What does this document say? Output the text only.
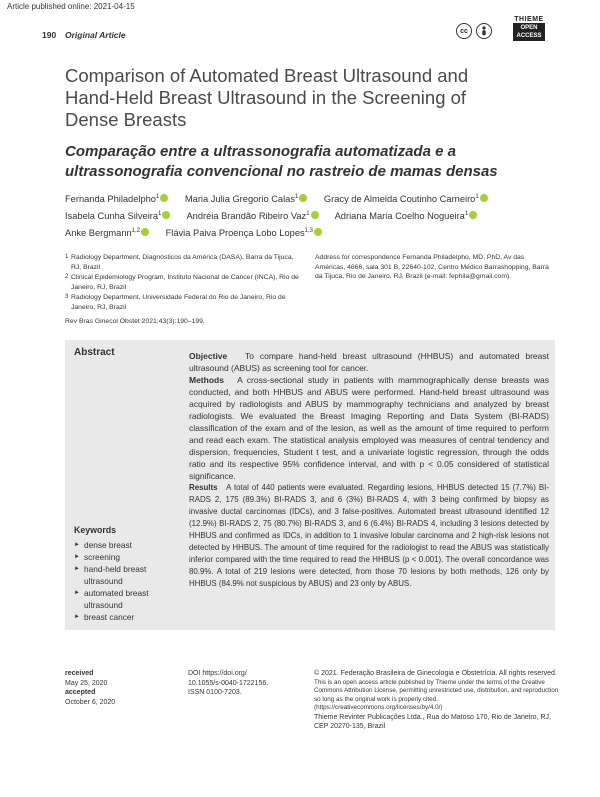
Article published online: 2021-04-15
190 Original Article	cc
THIEME
OPEN ACCESS
Comparison of Automated Breast Ultrasound and Hand-Held Breast Ultrasound in the Screening of Dense Breasts
Comparação entre a ultrassonografia automatizada e a ultrassonografia convencional no rastreio de mamas densas
Fernanda Philadelpho$^1$	Maria Julia Gregorio Calas$^1$	Gracy de Almeida Coutinho Carneiro$^1$
Isabela Cunha Silveira$^1$	Andréia Brandão Ribeiro Vaz$^1$	Adriana Maria Coelho Nogueira$^1$
Anke Bergmann$^{1,2}$	Flávia Paiva Proença Lobo Lopes$^{1,3}$
$^1$ Radiology Department, Diagnósticos da América (DASA), Barra da Tijuca, RJ, Brazil
$^2$ Clinical Epidemiology Program, Instituto Nacional de Cancer (INCA), Rio de Janeiro, RJ, Brazil
$^3$ Radiology Department, Universidade Federal do Rio de Janeiro, Rio de Janeiro, RJ, Brazil
Address for correspondence Fernanda Philadelpho, MD, PhD, Av das Américas, 4666, sala 301 B, 22640-102, Centro Médico Barrashopping, Barra da Tijuca, Rio de Janeiro, RJ, Brazil (e-mail: fephila@gmail.com).
Rev Bras Ginecol Obstet 2021;43(3):190–199.
Abstract	Objective To compare hand-held breast ultrasound (HHBUS) and automated breast ultrasound (ABUS) as screening tool for cancer.

Methods A cross-sectional study in patients with mammographically dense breasts was conducted, and both HHBUS and ABUS were performed. Hand-held breast ultrasound was acquired by radiologists and ABUS by mammography technicians and analyzed by breast radiologists. We evaluated the Breast Imaging Reporting and Data System (BI-RADS) classification of the exam and of the lesion, as well as the amount of time required to perform and read each exam. The statistical analysis employed was measures of central tendency and dispersion, frequencies, Student t test, and a univariate logistic regression, through the odds ratio and its respective 95% confidence interval, and with p < 0.05 considered of statistical significance.

Results A total of 440 patients were evaluated. Regarding lesions, HHBUS detected 15 (7.7%) BI-RADS 2, 175 (89.3%) BI-RADS 3, and 6 (3%) BI-RADS 4, with 3 being confirmed by biopsy as invasive ductal carcinomas (IDCs), and 3 false-positives. Automated breast ultrasound identified 12 (12.9%) BI-RADS 2, 75 (80.7%) BI-RADS 3, and 6 (6.4%) BI-RADS 4, including 3 lesions detected by HHBUS and confirmed as IDCs, in addition to 1 invasive lobular carcinoma and 2 high-risk lesions not detected by HHBUS. The amount of time required for the radiologist to read the ABUS was statistically inferior compared with the time required to read the HHBUS (p < 0.001). The overall concordance was 80.9%. A total of 219 lesions were detected, from those 70 lesions by both methods, 126 only by HHBUS (84.9% not suspicious by ABUS) and 23 only by ABUS.

Keywords
► dense breast
► screening
► hand-held breast ultrasound
► automated breast ultrasound
► breast cancer
received
May 25, 2020
accepted
October 6, 2020
DOI https://doi.org/
10.1055/s-0040-1722156.
ISSN 0100-7203.
© 2021. Federação Brasileira de Ginecologia e Obstetrícia. All rights reserved.
This is an open access article published by Thieme under the terms of the Creative Commons Attribution License, permitting unrestricted use, distribution, and reproduction so long as the original work is properly cited. (https://creativecommons.org/licenses/by/4.0/)
Thieme Revinter Publicações Ltda., Rua do Matoso 170, Rio de Janeiro, RJ, CEP 20270-135, Brazil
